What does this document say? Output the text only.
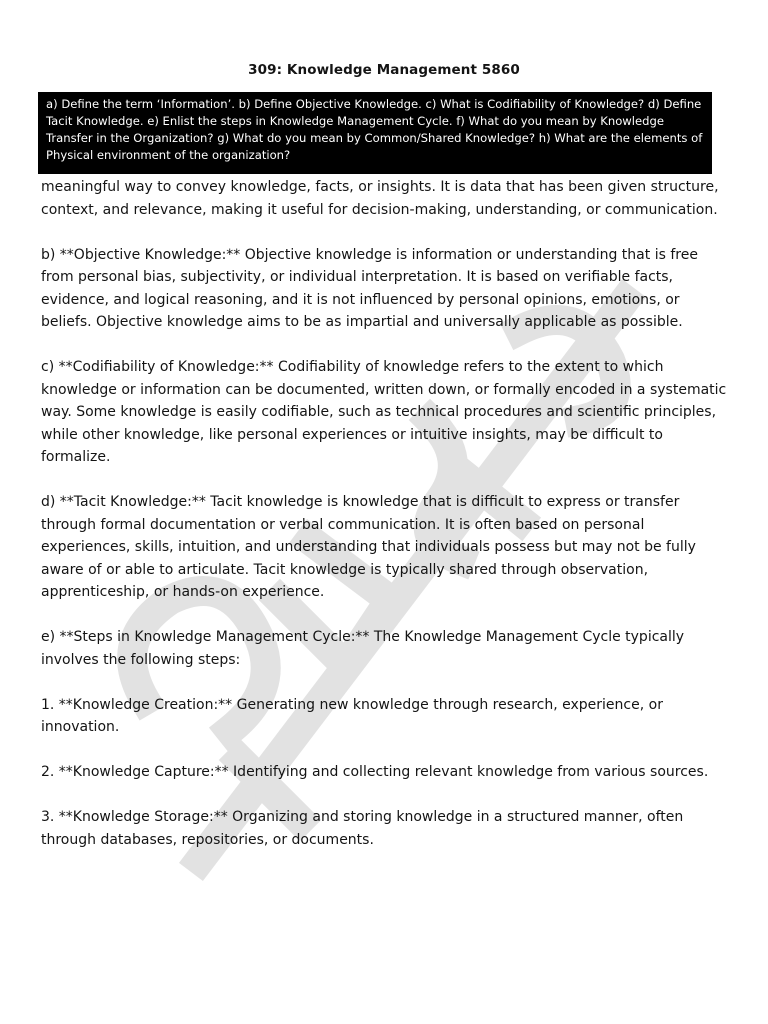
309: Knowledge Management 5860
a) Define the term ‘Information’. b) Define Objective Knowledge. c) What is Codifiability of Knowledge? d) Define Tacit Knowledge. e) Enlist the steps in Knowledge Management Cycle. f) What do you mean by Knowledge Transfer in the Organization? g) What do you mean by Common/Shared Knowledge? h) What are the elements of Physical environment of the organization?

meaningful way to convey knowledge, facts, or insights. It is data that has been given structure, context, and relevance, making it useful for decision-making, understanding, or communication.

b) **Objective Knowledge:** Objective knowledge is information or understanding that is free from personal bias, subjectivity, or individual interpretation. It is based on verifiable facts, evidence, and logical reasoning, and it is not influenced by personal opinions, emotions, or beliefs. Objective knowledge aims to be as impartial and universally applicable as possible.

c) **Codifiability of Knowledge:** Codifiability of knowledge refers to the extent to which knowledge or information can be documented, written down, or formally encoded in a systematic way. Some knowledge is easily codifiable, such as technical procedures and scientific principles, while other knowledge, like personal experiences or intuitive insights, may be difficult to formalize.

d) **Tacit Knowledge:** Tacit knowledge is knowledge that is difficult to express or transfer through formal documentation or verbal communication. It is often based on personal experiences, skills, intuition, and understanding that individuals possess but may not be fully aware of or able to articulate. Tacit knowledge is typically shared through observation, apprenticeship, or hands-on experience.

e) **Steps in Knowledge Management Cycle:** The Knowledge Management Cycle typically involves the following steps:

1. **Knowledge Creation:** Generating new knowledge through research, experience, or innovation.

2. **Knowledge Capture:** Identifying and collecting relevant knowledge from various sources.

3. **Knowledge Storage:** Organizing and storing knowledge in a structured manner, often through databases, repositories, or documents.
